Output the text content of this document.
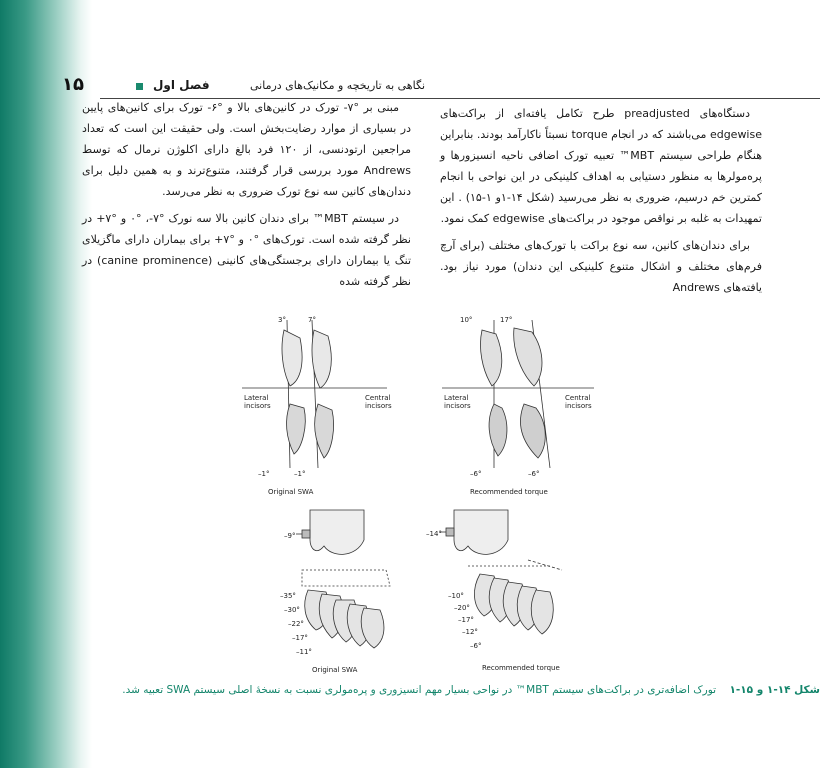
۱۵	فصل اول	نگاهی به تاریخچه و مکانیک‌های درمانی

دستگاه‌های preadjusted طرح تکامل یافته‌ای از براکت‌های edgewise می‌باشند که در انجام torque نسبتاً ناکارآمد بودند. بنابراین هنگام طراحی سیستم MBT™ تعبیه تورک اضافی ناحیه انسیزورها و پره‌مولرها به منظور دستیابی به اهداف کلینیکی در این نواحی با انجام کمترین خم درسیم، ضروری به نظر می‌رسید (شکل ۱۴-۱و ۱-۱۵) . این تمهیدات به غلبه بر نواقص موجود در براکت‌های edgewise کمک نمود.

برای دندان‌های کانین، سه نوع براکت با تورک‌های مختلف (برای آرچ فرم‌های مختلف و اشکال متنوع کلینیکی این دندان) مورد نیاز بود. یافته‌های Andrews

مبنی بر °۷- تورک در کانین‌های بالا و °۶- تورک برای کانین‌های پایین در بسیاری از موارد رضایت‌بخش است. ولی حقیقت این است که تعداد مراجعین ارتودنسی، از ۱۲۰ فرد بالغ دارای اکلوژن نرمال که توسط Andrews مورد بررسی قرار گرفتند، متنوع‌ترند و به همین دلیل برای دندان‌های کانین سه نوع تورک ضروری به نظر می‌رسد.

در سیستم MBT™ برای دندان کانین بالا سه نورک °۷-، °۰ و °۷+ در نظر گرفته شده است. تورک‌های °۰ و °۷+ برای بیماران دارای ماگزیلای تنگ یا بیماران دارای برجستگی‌های کانینی (canine prominence) در نظر گرفته شده

3°	7°
Lateral
incisors
Central
incisors
–1°	–1°
Original SWA
10°	17°
Lateral
incisors
Central
incisors
–6°	–6°
Recommended torque
–9°	–14°
–35°
–30°
–22°
–17°
–11°
Original SWA
–10°
–20°
–17°
–12°
–6°
Recommended torque
شکل ۱۴-۱ و ۱۵-۱    تورک اضافه‌تری در براکت‌های سیستم MBT™ در نواحی بسیار مهم انسیزوری و پره‌مولری نسبت به نسخهٔ اصلی سیستم SWA تعبیه شد.
